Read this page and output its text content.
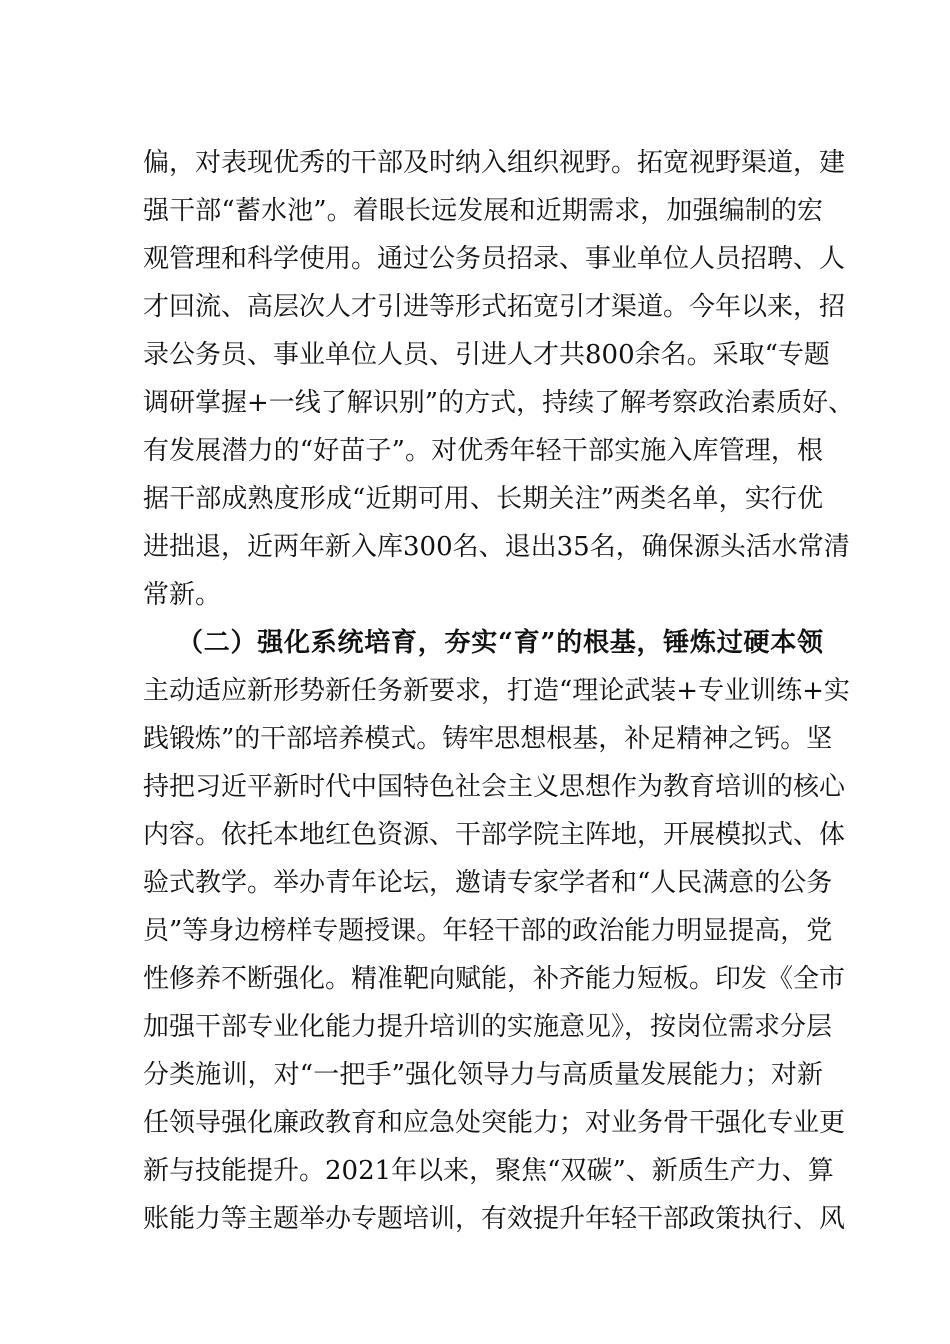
偏，对表现优秀的干部及时纳入组织视野。拓宽视野渠道，建
强干部“蓄水池”。着眼长远发展和近期需求，加强编制的宏
观管理和科学使用。通过公务员招录、事业单位人员招聘、人
才回流、高层次人才引进等形式拓宽引才渠道。今年以来，招
录公务员、事业单位人员、引进人才共800余名。采取“专题
调研掌握+一线了解识别”的方式，持续了解考察政治素质好、
有发展潜力的“好苗子”。对优秀年轻干部实施入库管理，根
据干部成熟度形成“近期可用、长期关注”两类名单，实行优
进拙退，近两年新入库300名、退出35名，确保源头活水常清
常新。
（二）强化系统培育，夯实“育”的根基，锤炼过硬本领
主动适应新形势新任务新要求，打造“理论武装+专业训练+实
践锻炼”的干部培养模式。铸牢思想根基，补足精神之钙。坚
持把习近平新时代中国特色社会主义思想作为教育培训的核心
内容。依托本地红色资源、干部学院主阵地，开展模拟式、体
验式教学。举办青年论坛，邀请专家学者和“人民满意的公务
员”等身边榜样专题授课。年轻干部的政治能力明显提高，党
性修养不断强化。精准靶向赋能，补齐能力短板。印发《全市
加强干部专业化能力提升培训的实施意见》，按岗位需求分层
分类施训，对“一把手”强化领导力与高质量发展能力；对新
任领导强化廉政教育和应急处突能力；对业务骨干强化专业更
新与技能提升。2021年以来，聚焦“双碳”、新质生产力、算
账能力等主题举办专题培训，有效提升年轻干部政策执行、风
